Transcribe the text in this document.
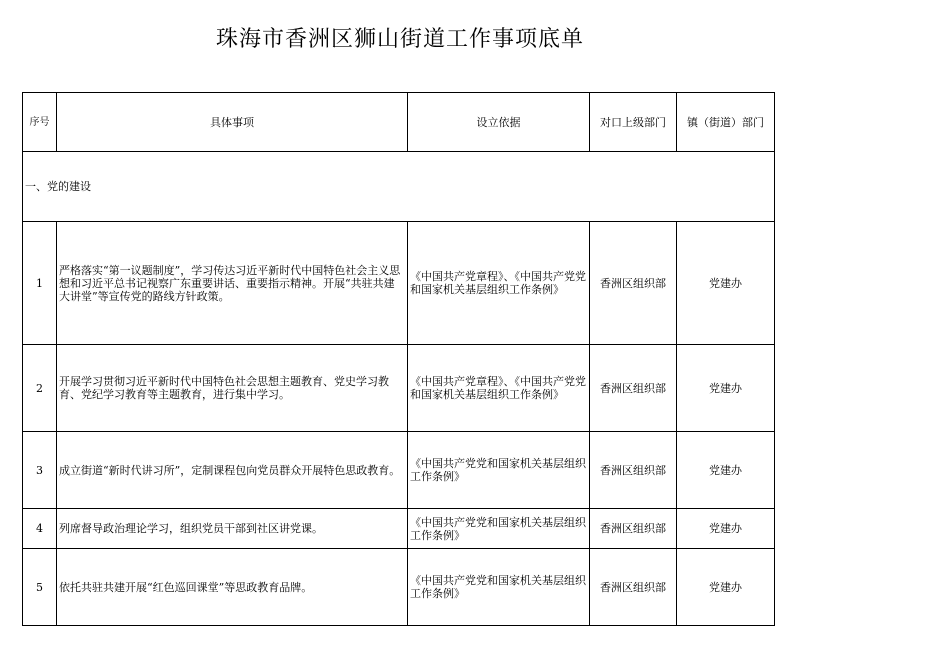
珠海市香洲区狮山街道工作事项底单
序号	具体事项	设立依据	对口上级部门	镇（街道）部门
一、党的建设				
1	严格落实“第一议题制度”，学习传达习近平新时代中国特色社会主义思想和习近平总书记视察广东重要讲话、重要指示精神。开展“共驻共建大讲堂”等宣传党的路线方针政策。	《中国共产党章程》、《中国共产党党和国家机关基层组织工作条例》	香洲区组织部	党建办
2	开展学习贯彻习近平新时代中国特色社会思想主题教育、党史学习教育、党纪学习教育等主题教育，进行集中学习。	《中国共产党章程》、《中国共产党党和国家机关基层组织工作条例》	香洲区组织部	党建办
3	成立街道“新时代讲习所”，定制课程包向党员群众开展特色思政教育。	《中国共产党党和国家机关基层组织工作条例》	香洲区组织部	党建办
4	列席督导政治理论学习，组织党员干部到社区讲党课。	《中国共产党党和国家机关基层组织工作条例》	香洲区组织部	党建办
5	依托共驻共建开展“红色巡回课堂”等思政教育品牌。	《中国共产党党和国家机关基层组织工作条例》	香洲区组织部	党建办
